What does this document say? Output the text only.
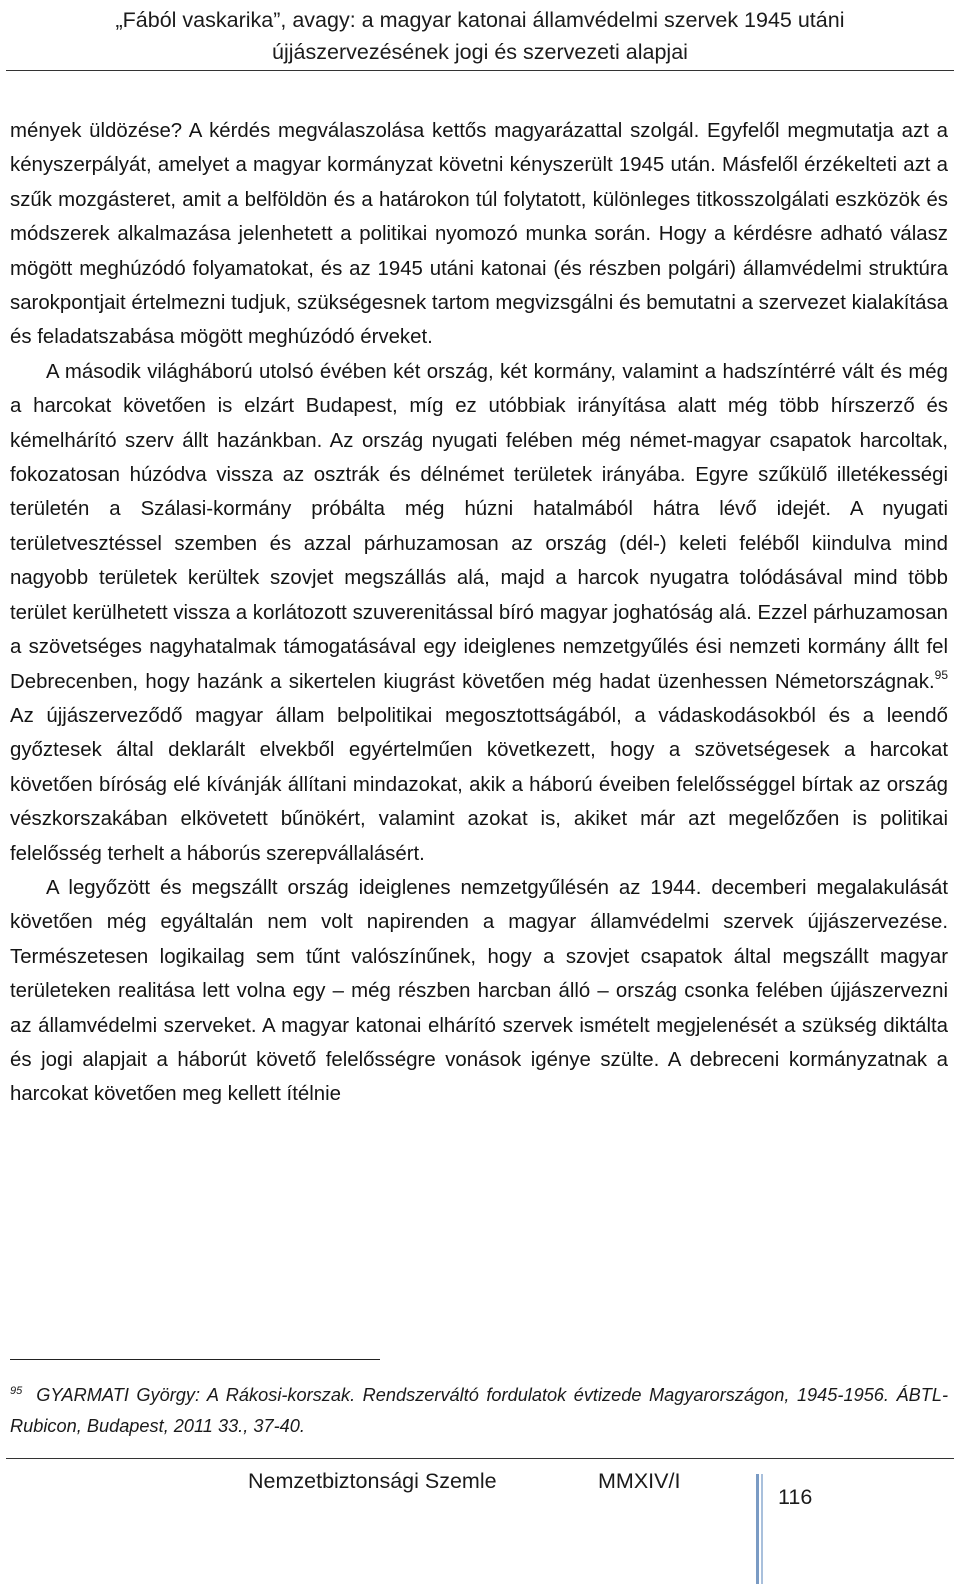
„Fából vaskarika”, avagy: a magyar katonai államvédelmi szervek 1945 utáni
újjászervezésének jogi és szervezeti alapjai

mények üldözése? A kérdés megválaszolása kettős magyarázattal szolgál. Egyfelől megmutatja azt a kényszerpályát, amelyet a magyar kormányzat követni kényszerült 1945 után. Másfelől érzékelteti azt a szűk mozgásteret, amit a belföldön és a határokon túl folytatott, különleges titkosszolgálati eszközök és módszerek alkalmazása jelenhetett a politikai nyomozó munka során. Hogy a kérdésre adható válasz mögött meghúzódó folyamatokat, és az 1945 utáni katonai (és részben polgári) államvédelmi struktúra sarokpontjait értelmezni tudjuk, szükségesnek tartom megvizsgálni és bemutatni a szervezet kialakítása és feladatszabása mögött meghúzódó érveket.

A második világháború utolsó évében két ország, két kormány, valamint a hadszíntérré vált és még a harcokat követően is elzárt Budapest, míg ez utóbbiak irányítása alatt még több hírszerző és kémelhárító szerv állt hazánkban. Az ország nyugati felében még német-magyar csapatok harcoltak, fokozatosan húzódva vissza az osztrák és délnémet területek irányába. Egyre szűkülő illetékességi területén a Szálasi-kormány próbálta még húzni hatalmából hátra lévő idejét. A nyugati területvesztéssel szemben és azzal párhuzamosan az ország (dél-) keleti feléből kiindulva mind nagyobb területek kerültek szovjet megszállás alá, majd a harcok nyugatra tolódásával mind több terület kerülhetett vissza a korlátozott szuverenitással bíró magyar joghatóság alá. Ezzel párhuzamosan a szövetséges nagyhatalmak támogatásával egy ideiglenes nemzetgyűlés ési nemzeti kormány állt fel Debrecenben, hogy hazánk a sikertelen kiugrást követően még hadat üzenhessen Németországnak.$^{95}$ Az újjászerveződő magyar állam belpolitikai megosztottságából, a vádaskodásokból és a leendő győztesek által deklarált elvekből egyértelműen következett, hogy a szövetségesek a harcokat követően bíróság elé kívánják állítani mindazokat, akik a háború éveiben felelősséggel bírtak az ország vészkorszakában elkövetett bűnökért, valamint azokat is, akiket már azt megelőzően is politikai felelősség terhelt a háborús szerepvállalásért.

A legyőzött és megszállt ország ideiglenes nemzetgyűlésén az 1944. decemberi megalakulását követően még egyáltalán nem volt napirenden a magyar államvédelmi szervek újjászervezése. Természetesen logikailag sem tűnt valószínűnek, hogy a szovjet csapatok által megszállt magyar területeken realitása lett volna egy – még részben harcban álló – ország csonka felében újjászervezni az államvédelmi szerveket. A magyar katonai elhárító szervek ismételt megjelenését a szükség diktálta és jogi alapjait a háborút követő felelősségre vonások igénye szülte. A debreceni kormányzatnak a harcokat követően meg kellett ítélnie

$^{95}$ GYARMATI György: A Rákosi-korszak. Rendszerváltó fordulatok évtizede Magyarországon, 1945-1956. ÁBTL-Rubicon, Budapest, 2011 33., 37-40.
Nemzetbiztonsági Szemle	MMXIV/I
116
